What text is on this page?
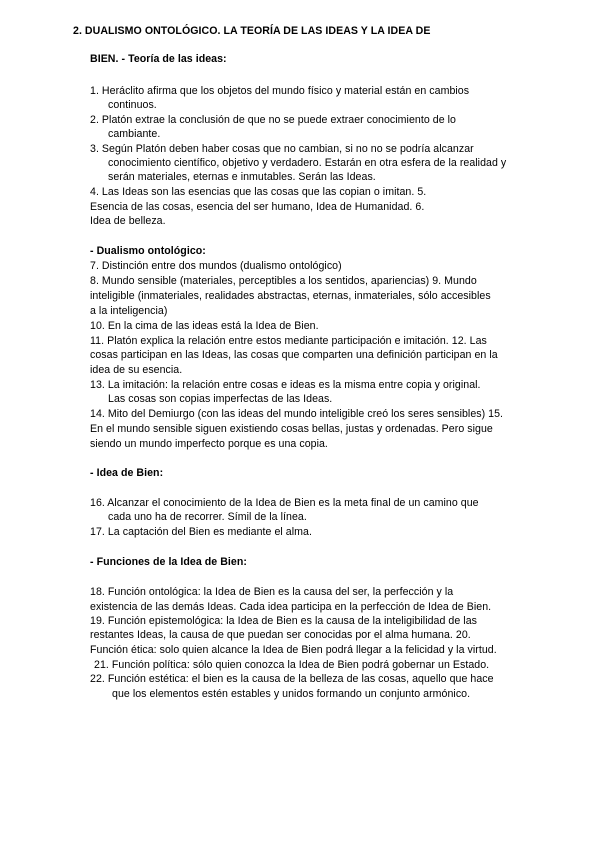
2. DUALISMO ONTOLÓGICO. LA TEORÍA DE LAS IDEAS Y LA IDEA DE
BIEN. - Teoría de las ideas:
1. Heráclito afirma que los objetos del mundo físico y material están en cambios
continuos.
2. Platón extrae la conclusión de que no se puede extraer conocimiento de lo
cambiante.
3. Según Platón deben haber cosas que no cambian, si no no se podría alcanzar
conocimiento científico, objetivo y verdadero. Estarán en otra esfera de la realidad y
serán materiales, eternas e inmutables. Serán las Ideas.
4. Las Ideas son las esencias que las cosas que las copian o imitan. 5.
Esencia de las cosas, esencia del ser humano, Idea de Humanidad. 6.
Idea de belleza.
- Dualismo ontológico:
7. Distinción entre dos mundos (dualismo ontológico)
8. Mundo sensible (materiales, perceptibles a los sentidos, apariencias) 9. Mundo
inteligible (inmateriales, realidades abstractas, eternas, inmateriales, sólo accesibles
a la inteligencia)
10. En la cima de las ideas está la Idea de Bien.
11. Platón explica la relación entre estos mediante participación e imitación. 12. Las
cosas participan en las Ideas, las cosas que comparten una definición participan en la
idea de su esencia.
13. La imitación: la relación entre cosas e ideas es la misma entre copia y original.
Las cosas son copias imperfectas de las Ideas.
14. Mito del Demiurgo (con las ideas del mundo inteligible creó los seres sensibles) 15.
En el mundo sensible siguen existiendo cosas bellas, justas y ordenadas. Pero sigue
siendo un mundo imperfecto porque es una copia.
- Idea de Bien:
16. Alcanzar el conocimiento de la Idea de Bien es la meta final de un camino que
cada uno ha de recorrer. Símil de la línea.
17. La captación del Bien es mediante el alma.
- Funciones de la Idea de Bien:
18. Función ontológica: la Idea de Bien es la causa del ser, la perfección y la
existencia de las demás Ideas. Cada idea participa en la perfección de Idea de Bien.
19. Función epistemológica: la Idea de Bien es la causa de la inteligibilidad de las
restantes Ideas, la causa de que puedan ser conocidas por el alma humana. 20.
Función ética: solo quien alcance la Idea de Bien podrá llegar a la felicidad y la virtud.
21. Función política: sólo quien conozca la Idea de Bien podrá gobernar un Estado.
22. Función estética: el bien es la causa de la belleza de las cosas, aquello que hace
que los elementos estén estables y unidos formando un conjunto armónico.
